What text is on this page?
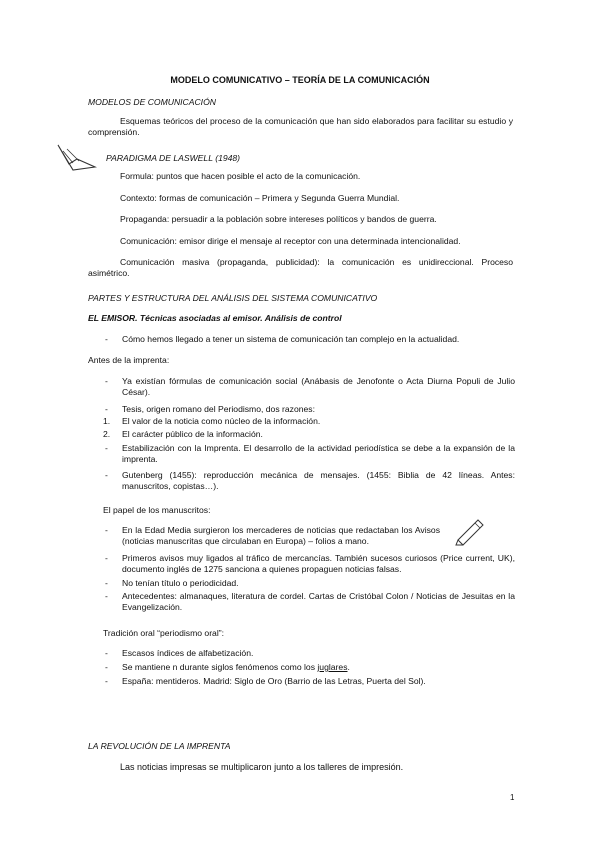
MODELO COMUNICATIVO – TEORÍA DE LA COMUNICACIÓN
MODELOS DE COMUNICACIÓN
Esquemas teóricos del proceso de la comunicación que han sido elaborados para facilitar su estudio y comprensión.
PARADIGMA DE LASWELL (1948)
Formula: puntos que hacen posible el acto de la comunicación.
Contexto: formas de comunicación – Primera y Segunda Guerra Mundial.
Propaganda: persuadir a la población sobre intereses políticos y bandos de guerra.
Comunicación: emisor dirige el mensaje al receptor con una determinada intencionalidad.
Comunicación masiva (propaganda, publicidad): la comunicación es unidireccional. Proceso asimétrico.
PARTES Y ESTRUCTURA DEL ANÁLISIS DEL SISTEMA COMUNICATIVO
EL EMISOR. Técnicas asociadas al emisor. Análisis de control
- Cómo hemos llegado a tener un sistema de comunicación tan complejo en la actualidad.
Antes de la imprenta:
- Ya existían fórmulas de comunicación social (Anábasis de Jenofonte o Acta Diurna Populi de Julio César).
- Tesis, origen romano del Periodismo, dos razones:
1. El valor de la noticia como núcleo de la información.
2. El carácter público de la información.
- Estabilización con la Imprenta. El desarrollo de la actividad periodística se debe a la expansión de la imprenta.
- Gutenberg (1455): reproducción mecánica de mensajes. (1455: Biblia de 42 líneas. Antes: manuscritos, copistas…).
El papel de los manuscritos:
- En la Edad Media surgieron los mercaderes de noticias que redactaban los Avisos (noticias manuscritas que circulaban en Europa) – folios a mano.
- Primeros avisos muy ligados al tráfico de mercancías. También sucesos curiosos (Price current, UK), documento inglés de 1275 sanciona a quienes propaguen noticias falsas.
- No tenían título o periodicidad.
- Antecedentes: almanaques, literatura de cordel. Cartas de Cristóbal Colon / Noticias de Jesuitas en la Evangelización.
Tradición oral “periodismo oral”:
- Escasos índices de alfabetización.
- Se mantiene n durante siglos fenómenos como los juglares.
- España: mentideros. Madrid: Siglo de Oro (Barrio de las Letras, Puerta del Sol).
LA REVOLUCIÓN DE LA IMPRENTA
Las noticias impresas se multiplicaron junto a los talleres de impresión.
1
